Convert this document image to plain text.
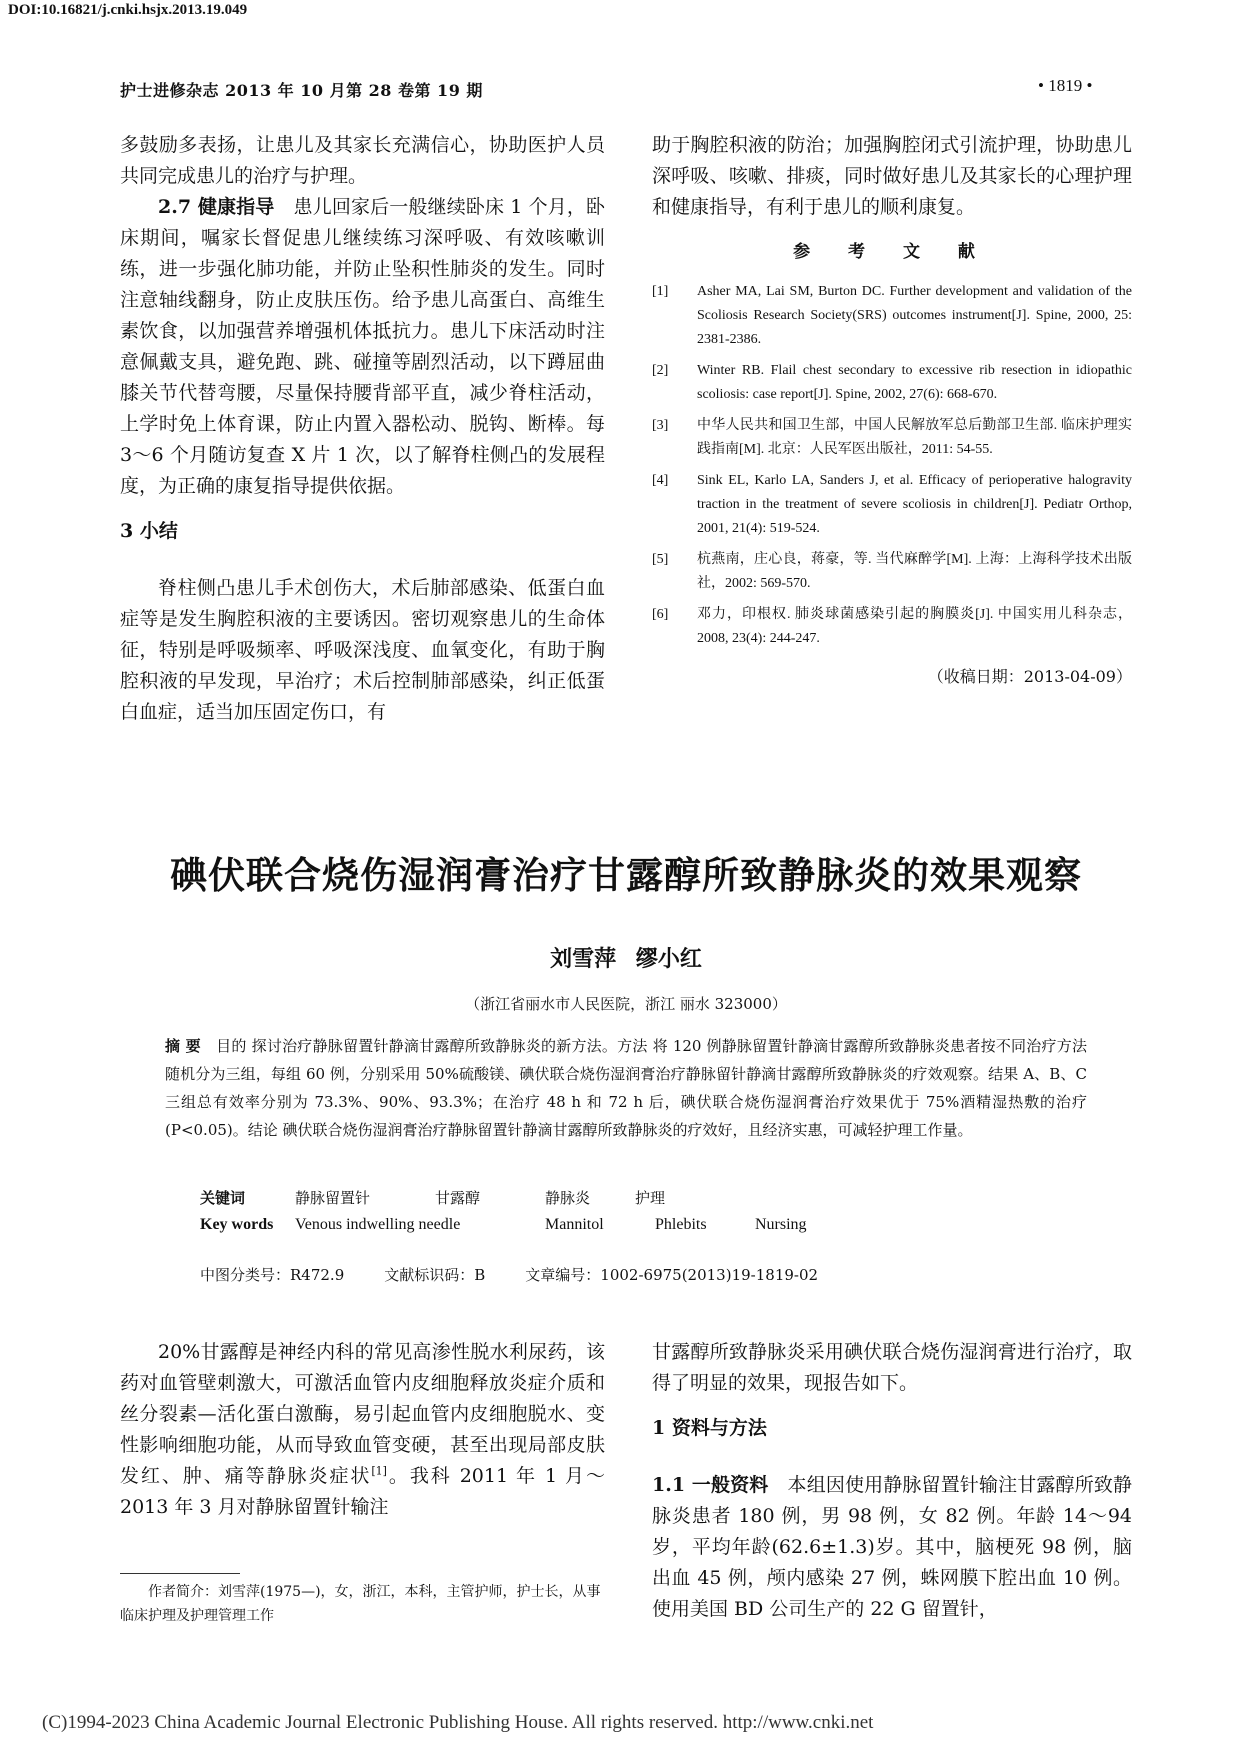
DOI:10.16821/j.cnki.hsjx.2013.19.049
护士进修杂志 2013 年 10 月第 28 卷第 19 期	• 1819 •

多鼓励多表扬，让患儿及其家长充满信心，协助医护人员共同完成患儿的治疗与护理。

2.7 健康指导　 患儿回家后一般继续卧床 1 个月，卧床期间，嘱家长督促患儿继续练习深呼吸、有效咳嗽训练，进一步强化肺功能，并防止坠积性肺炎的发生。同时注意轴线翻身，防止皮肤压伤。给予患儿高蛋白、高维生素饮食，以加强营养增强机体抵抗力。患儿下床活动时注意佩戴支具，避免跑、跳、碰撞等剧烈活动，以下蹲屈曲膝关节代替弯腰，尽量保持腰背部平直，减少脊柱活动，上学时免上体育课，防止内置入器松动、脱钩、断棒。每 3～6 个月随访复查 X 片 1 次，以了解脊柱侧凸的发展程度，为正确的康复指导提供依据。

3 小结

脊柱侧凸患儿手术创伤大，术后肺部感染、低蛋白血症等是发生胸腔积液的主要诱因。密切观察患儿的生命体征，特别是呼吸频率、呼吸深浅度、血氧变化，有助于胸腔积液的早发现，早治疗；术后控制肺部感染，纠正低蛋白血症，适当加压固定伤口，有

助于胸腔积液的防治；加强胸腔闭式引流护理，协助患儿深呼吸、咳嗽、排痰，同时做好患儿及其家长的心理护理和健康指导，有利于患儿的顺利康复。

参 考 文 献

[1] Asher MA, Lai SM, Burton DC. Further development and validation of the Scoliosis Research Society(SRS) outcomes instrument[J]. Spine, 2000, 25: 2381-2386.

[2] Winter RB. Flail chest secondary to excessive rib resection in idiopathic scoliosis: case report[J]. Spine, 2002, 27(6): 668-670.

[3] 中华人民共和国卫生部，中国人民解放军总后勤部卫生部. 临床护理实践指南[M]. 北京：人民军医出版社，2011: 54-55.

[4] Sink EL, Karlo LA, Sanders J, et al. Efficacy of perioperative halogravity traction in the treatment of severe scoliosis in children[J]. Pediatr Orthop, 2001, 21(4): 519-524.

[5] 杭燕南，庄心良，蒋豪，等. 当代麻醉学[M]. 上海：上海科学技术出版社，2002: 569-570.

[6] 邓力，印根权. 肺炎球菌感染引起的胸膜炎[J]. 中国实用儿科杂志，2008, 23(4): 244-247.

（收稿日期：2013-04-09）

碘伏联合烧伤湿润膏治疗甘露醇所致静脉炎的效果观察
刘雪萍 缪小红
（浙江省丽水市人民医院，浙江 丽水 323000）
摘 要　 目的 探讨治疗静脉留置针静滴甘露醇所致静脉炎的新方法。方法 将 120 例静脉留置针静滴甘露醇所致静脉炎患者按不同治疗方法随机分为三组，每组 60 例，分别采用 50%硫酸镁、碘伏联合烧伤湿润膏治疗静脉留针静滴甘露醇所致静脉炎的疗效观察。结果 A、B、C 三组总有效率分别为 73.3%、90%、93.3%；在治疗 48 h 和 72 h 后，碘伏联合烧伤湿润膏治疗效果优于 75%酒精湿热敷的治疗(P<0.05)。结论 碘伏联合烧伤湿润膏治疗静脉留置针静滴甘露醇所致静脉炎的疗效好，且经济实惠，可减轻护理工作量。
关键词	静脉留置针	甘露醇	静脉炎	护理
Key words Venous indwelling needle	Mannitol	Phlebits	Nursing
中图分类号：R472.9	文献标识码：B	文章编号：1002-6975(2013)19-1819-02

20%甘露醇是神经内科的常见高渗性脱水利尿药，该药对血管壁刺激大，可激活血管内皮细胞释放炎症介质和丝分裂素—活化蛋白激酶，易引起血管内皮细胞脱水、变性影响细胞功能，从而导致血管变硬，甚至出现局部皮肤发红、肿、痛等静脉炎症状[1]。我科 2011 年 1 月～2013 年 3 月对静脉留置针输注

甘露醇所致静脉炎采用碘伏联合烧伤湿润膏进行治疗，取得了明显的效果，现报告如下。

1 资料与方法

1.1 一般资料　 本组因使用静脉留置针输注甘露醇所致静脉炎患者 180 例，男 98 例，女 82 例。年龄 14～94 岁，平均年龄(62.6±1.3)岁。其中，脑梗死 98 例，脑出血 45 例，颅内感染 27 例，蛛网膜下腔出血 10 例。使用美国 BD 公司生产的 22 G 留置针，

作者简介：刘雪萍(1975—)，女，浙江，本科，主管护师，护士长，从事临床护理及护理管理工作
(C)1994-2023 China Academic Journal Electronic Publishing House. All rights reserved. http://www.cnki.net
